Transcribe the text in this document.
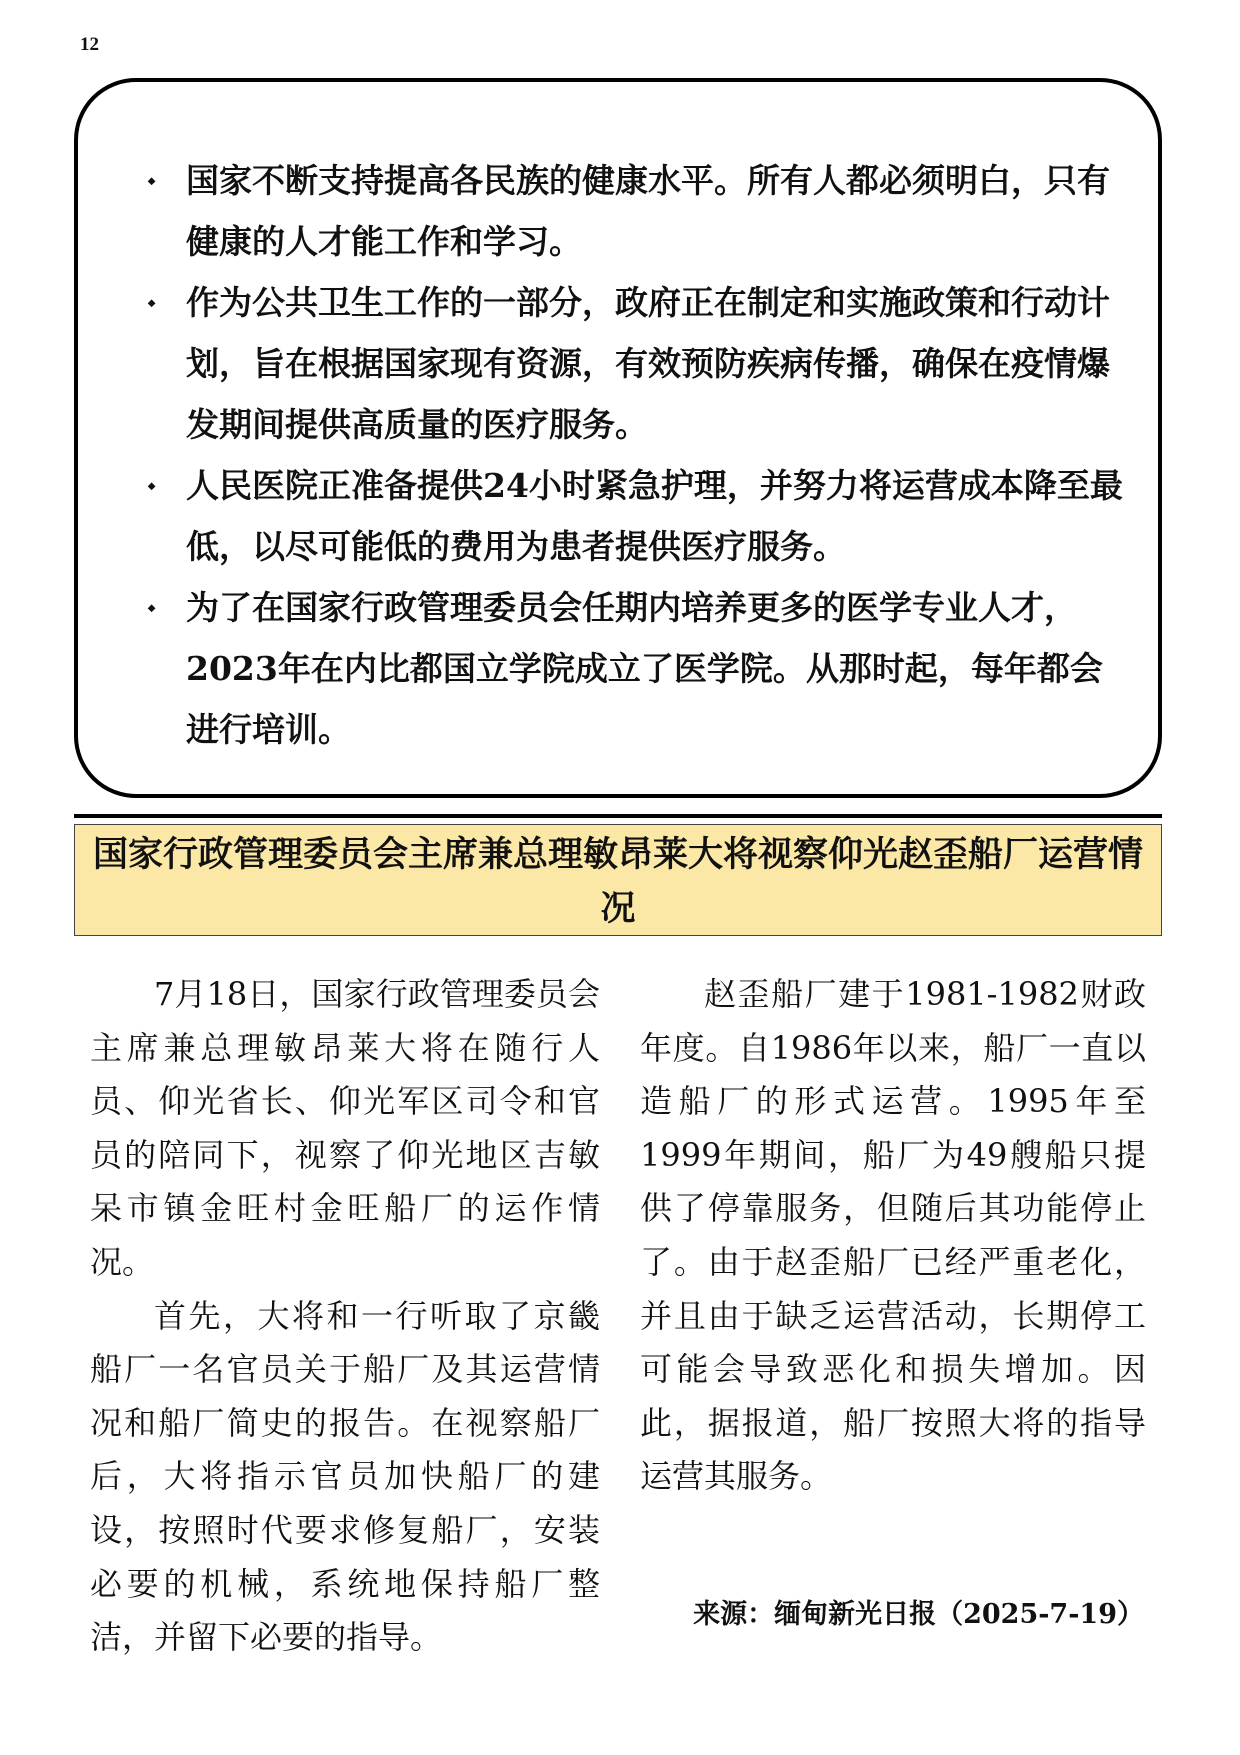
12
⬩ 国家不断支持提高各民族的健康水平。所有人都必须明白，只有健康的人才能工作和学习。
⬩ 作为公共卫生工作的一部分，政府正在制定和实施政策和行动计划，旨在根据国家现有资源，有效预防疾病传播，确保在疫情爆发期间提供高质量的医疗服务。
⬩ 人民医院正准备提供24小时紧急护理，并努力将运营成本降至最低，以尽可能低的费用为患者提供医疗服务。
⬩ 为了在国家行政管理委员会任期内培养更多的医学专业人才，2023年在内比都国立学院成立了医学院。从那时起，每年都会进行培训。
国家行政管理委员会主席兼总理敏昂莱大将视察仰光赵歪船厂运营情况

7月18日，国家行政管理委员会主席兼总理敏昂莱大将在随行人员、仰光省长、仰光军区司令和官员的陪同下，视察了仰光地区吉敏呆市镇金旺村金旺船厂的运作情况。

首先，大将和一行听取了京畿船厂一名官员关于船厂及其运营情况和船厂简史的报告。在视察船厂后，大将指示官员加快船厂的建设，按照时代要求修复船厂，安装必要的机械，系统地保持船厂整洁，并留下必要的指导。

赵歪船厂建于1981-1982财政年度。自1986年以来，船厂一直以造船厂的形式运营。1995年至1999年期间，船厂为49艘船只提供了停靠服务，但随后其功能停止了。由于赵歪船厂已经严重老化，并且由于缺乏运营活动，长期停工可能会导致恶化和损失增加。因此，据报道，船厂按照大将的指导运营其服务。

来源：缅甸新光日报（2025-7-19）
